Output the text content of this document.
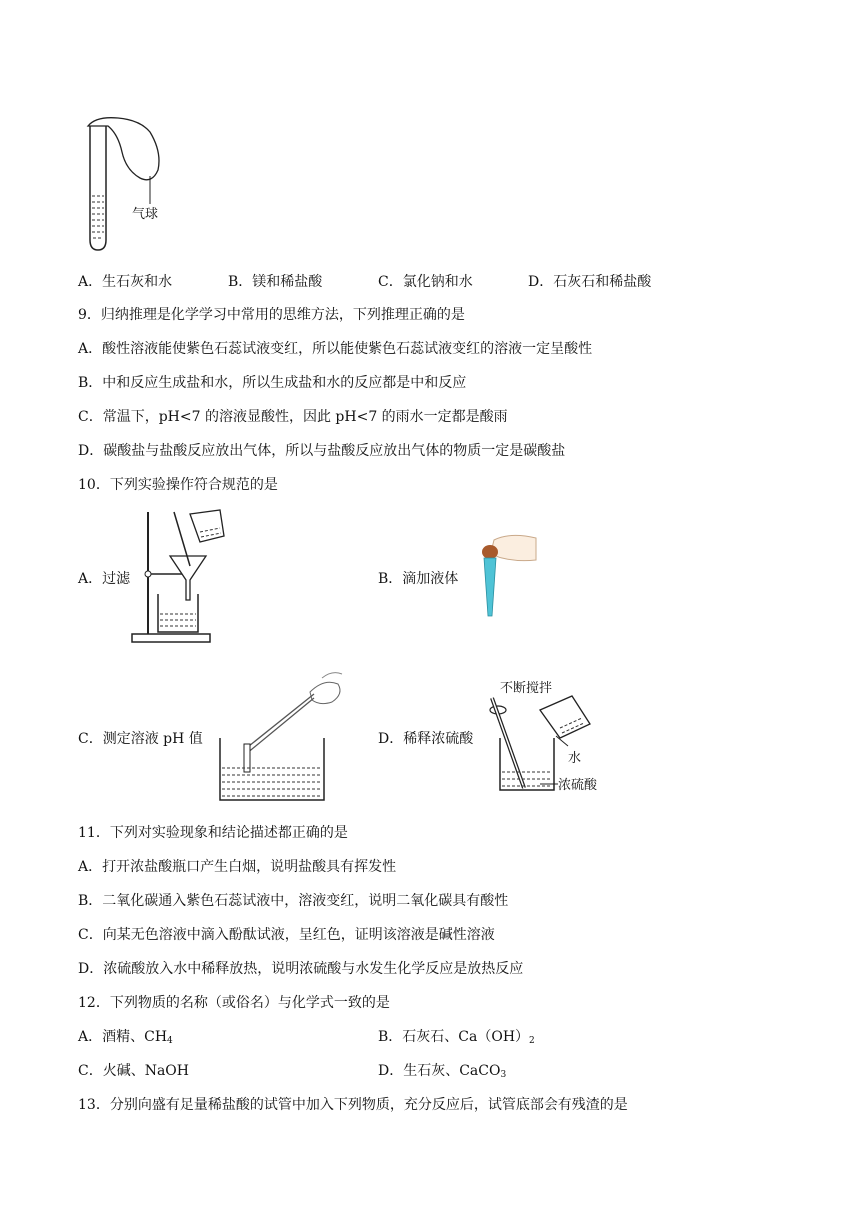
气球
A．生石灰和水	B．镁和稀盐酸	C．氯化钠和水	D．石灰石和稀盐酸
9．归纳推理是化学学习中常用的思维方法，下列推理正确的是
A．酸性溶液能使紫色石蕊试液变红，所以能使紫色石蕊试液变红的溶液一定呈酸性
B．中和反应生成盐和水，所以生成盐和水的反应都是中和反应
C．常温下，pH<7 的溶液显酸性，因此 pH<7 的雨水一定都是酸雨
D．碳酸盐与盐酸反应放出气体，所以与盐酸反应放出气体的物质一定是碳酸盐
10．下列实验操作符合规范的是
A．过滤	B．滴加液体
C．测定溶液 pH 值	D．稀释浓硫酸
不断搅拌
水
浓硫酸
11．下列对实验现象和结论描述都正确的是
A．打开浓盐酸瓶口产生白烟，说明盐酸具有挥发性
B．二氧化碳通入紫色石蕊试液中，溶液变红，说明二氧化碳具有酸性
C．向某无色溶液中滴入酚酞试液，呈红色，证明该溶液是碱性溶液
D．浓硫酸放入水中稀释放热，说明浓硫酸与水发生化学反应是放热反应
12．下列物质的名称（或俗名）与化学式一致的是
A．酒精、$CH_4$	B．石灰石、$Ca(OH)_2$
C．火碱、NaOH	D．生石灰、CaCO$_3$
13．分别向盛有足量稀盐酸的试管中加入下列物质，充分反应后，试管底部会有残渣的是
